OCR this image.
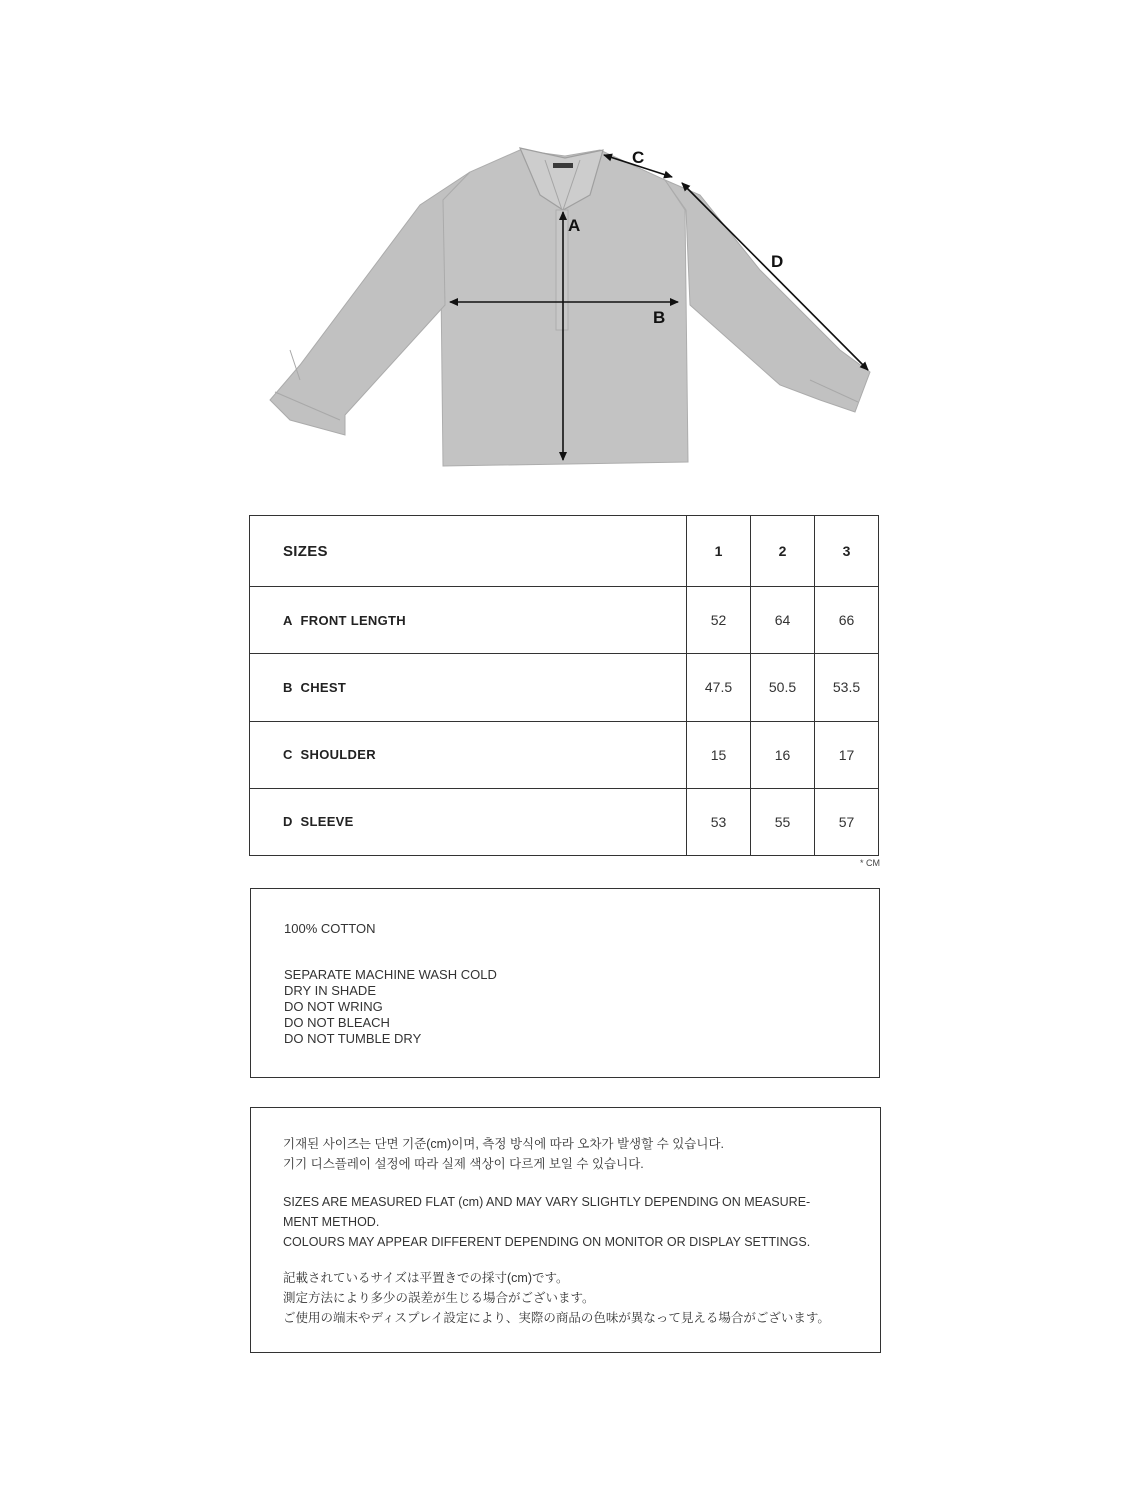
A
B
C
D
SIZES	1	2	3
A FRONT LENGTH	52	64	66
B CHEST	47.5	50.5	53.5
C SHOULDER	15	16	17
D SLEEVE	53	55	57
* CM
100% COTTON
SEPARATE MACHINE WASH COLD
DRY IN SHADE
DO NOT WRING
DO NOT BLEACH
DO NOT TUMBLE DRY
기재된 사이즈는 단면 기준(cm)이며, 측정 방식에 따라 오차가 발생할 수 있습니다.
기기 디스플레이 설정에 따라 실제 색상이 다르게 보일 수 있습니다.
SIZES ARE MEASURED FLAT (cm) AND MAY VARY SLIGHTLY DEPENDING ON MEASURE-
MENT METHOD.
COLOURS MAY APPEAR DIFFERENT DEPENDING ON MONITOR OR DISPLAY SETTINGS.
記載されているサイズは平置きでの採寸(cm)です。
測定方法により多少の誤差が生じる場合がございます。
ご使用の端末やディスプレイ設定により、実際の商品の色味が異なって見える場合がございます。
